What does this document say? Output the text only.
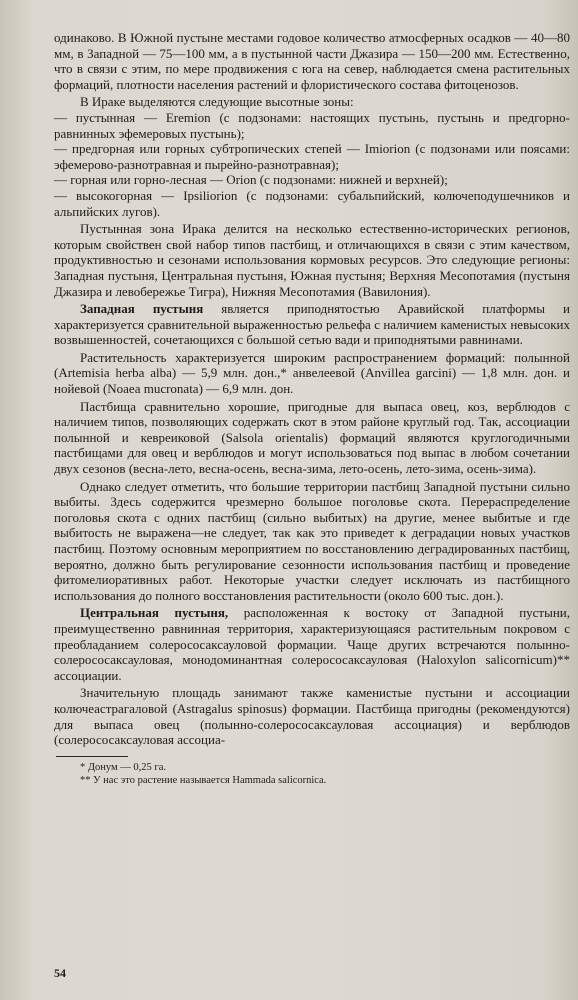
одинаково. В Южной пустыне местами годовое количество атмосферных осадков — 40—80 мм, в Западной — 75—100 мм, а в пустынной части Джазира — 150—200 мм. Естественно, что в связи с этим, по мере продвижения с юга на север, наблюдается смена растительных формаций, плотности населения растений и флористического состава фитоценозов.

В Ираке выделяются следующие высотные зоны:

— пустынная — Eremion (с подзонами: настоящих пустынь, пустынь и предгорно-равнинных эфемеровых пустынь);

— предгорная или горных субтропических степей — Imiorion (с подзонами или поясами: эфемерово-разнотравная и пырейно-разнотравная);

— горная или горно-лесная — Orion (с подзонами: нижней и верхней);

— высокогорная — Ipsiliorion (с подзонами: субальпийский, колючеподушечников и альпийских лугов).

Пустынная зона Ирака делится на несколько естественно-исторических регионов, которым свойствен свой набор типов пастбищ, и отличающихся в связи с этим качеством, продуктивностью и сезонами использования кормовых ресурсов. Это следующие регионы: Западная пустыня, Центральная пустыня, Южная пустыня; Верхняя Месопотамия (пустыня Джазира и левобережье Тигра), Нижняя Месопотамия (Вавилония).

Западная пустыня является приподнятостью Аравийской платформы и характеризуется сравнительной выраженностью рельефа с наличием каменистых невысоких возвышенностей, сочетающихся с большой сетью вади и приподнятыми равнинами.

Растительность характеризуется широким распространением формаций: полынной (Artemisia herba alba) — 5,9 млн. дон.,* анвелеевой (Anvillea garcini) — 1,8 млн. дон. и нойевой (Noaea mucronata) — 6,9 млн. дон.

Пастбища сравнительно хорошие, пригодные для выпаса овец, коз, верблюдов с наличием типов, позволяющих содержать скот в этом районе круглый год. Так, ассоциации полынной и кевреиковой (Salsola orientalis) формаций являются круглогодичными пастбищами для овец и верблюдов и могут использоваться под выпас в любом сочетании двух сезонов (весна-лето, весна-осень, весна-зима, лето-осень, лето-зима, осень-зима).

Однако следует отметить, что большие территории пастбищ Западной пустыни сильно выбиты. Здесь содержится чрезмерно большое поголовье скота. Перераспределение поголовья скота с одних пастбищ (сильно выбитых) на другие, менее выбитые и где выбитость не выражена—не следует, так как это приведет к деградации новых участков пастбищ. Поэтому основным мероприятием по восстановлению деградированных пастбищ, вероятно, должно быть регулирование сезонности использования пастбищ и проведение фитомелиоративных работ. Некоторые участки следует исключать из пастбищного использования до полного восстановления растительности (около 600 тыс. дон.).

Центральная пустыня, расположенная к востоку от Западной пустыни, преимущественно равнинная территория, характеризующаяся растительным покровом с преобладанием солерососаксауловой формации. Чаще других встречаются полынно-солерососаксауловая, монодоминантная солерососаксауловая (Haloxylon salicornicum)** ассоциации.

Значительную площадь занимают также каменистые пустыни и ассоциации колючеастрагаловой (Astragalus spinosus) формации. Пастбища пригодны (рекомендуются) для выпаса овец (полынно-солерососаксауловая ассоциация) и верблюдов (солерососаксауловая ассоциа-

* Донум — 0,25 га.

** У нас это растение называется Hammada salicornica.

54
